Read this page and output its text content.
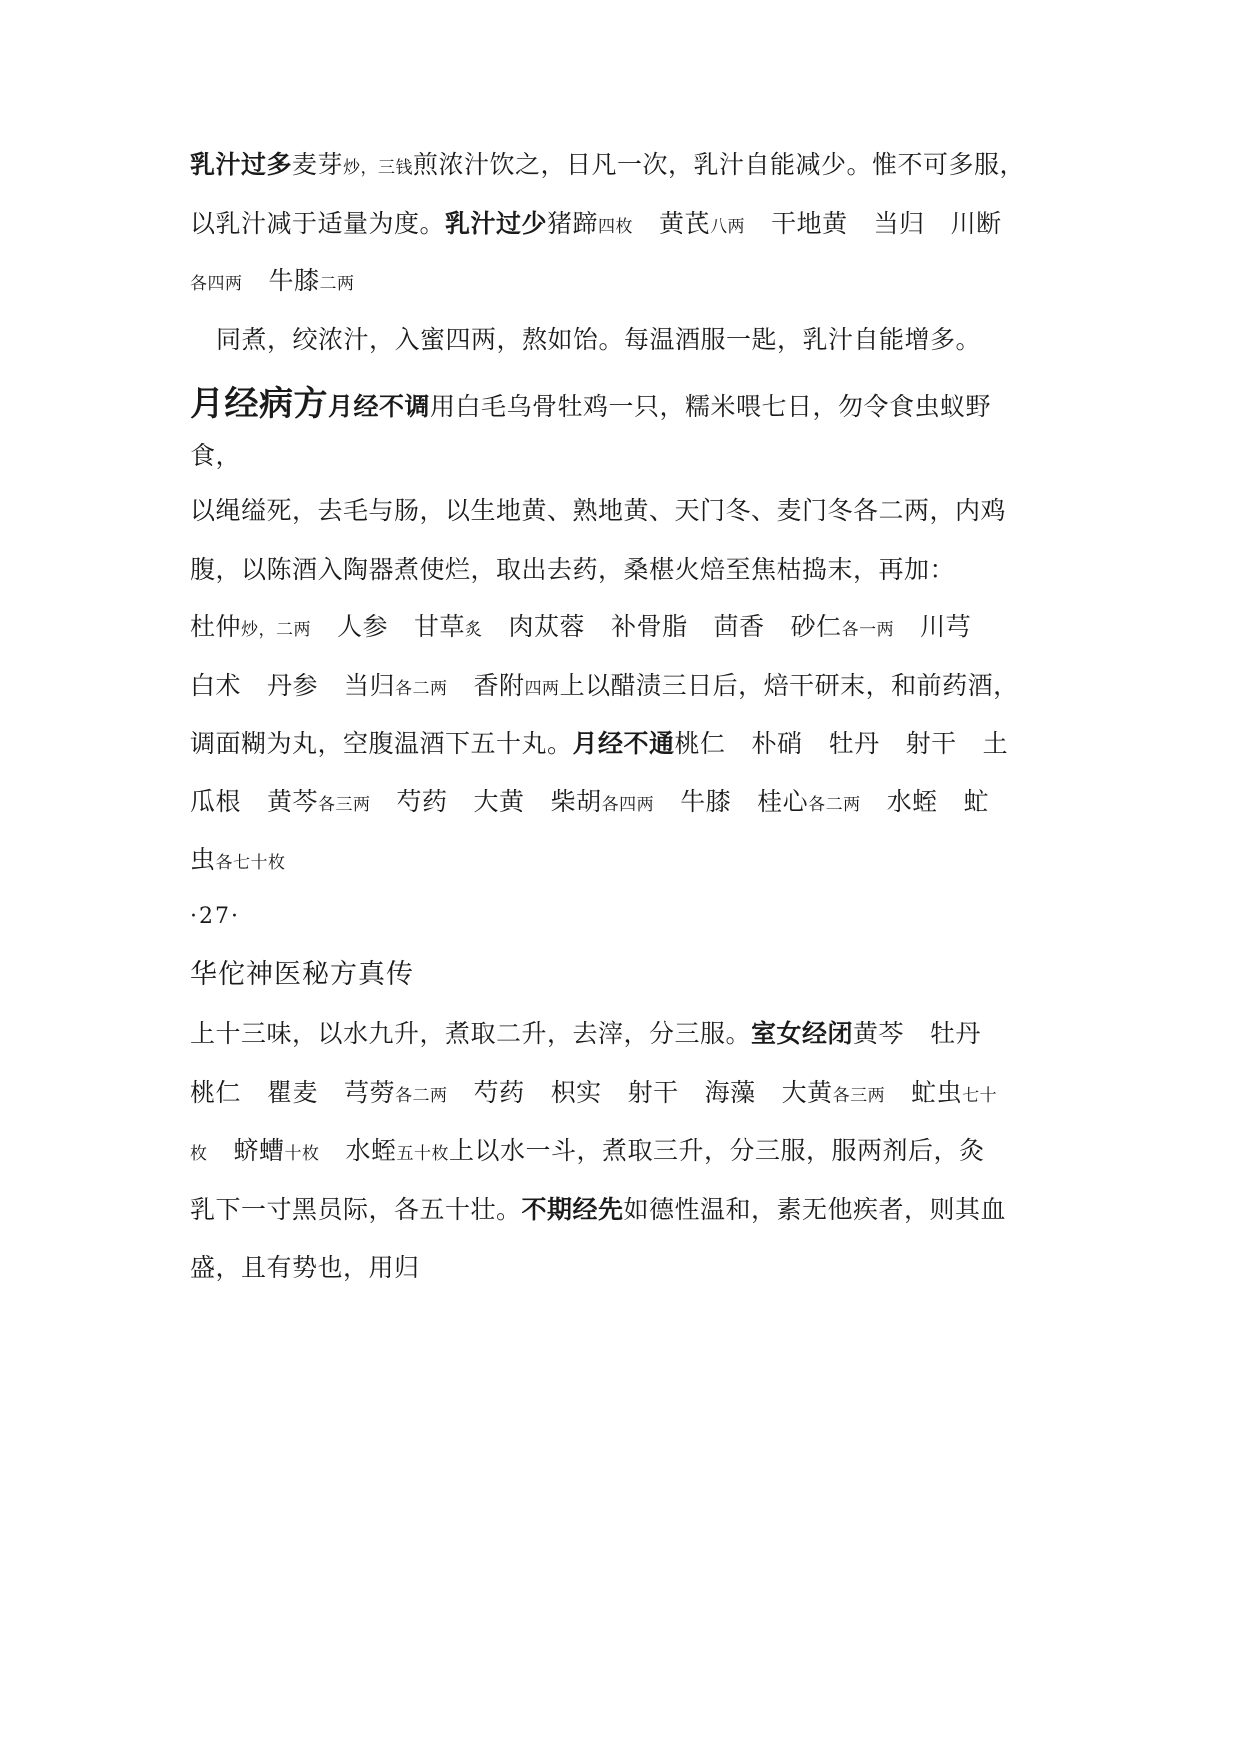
乳汁过多麦芽炒，三钱煎浓汁饮之，日凡一次，乳汁自能减少。惟不可多服，
以乳汁减于适量为度。乳汁过少猪蹄四枚 黄芪八两 干地黄 当归 川断
各四两 牛膝二两
同煮，绞浓汁，入蜜四两，熬如饴。每温酒服一匙，乳汁自能增多。
月经病方月经不调用白毛乌骨牡鸡一只，糯米喂七日，勿令食虫蚁野
食，
以绳缢死，去毛与肠，以生地黄、熟地黄、天门冬、麦门冬各二两，内鸡
腹，以陈酒入陶器煮使烂，取出去药，桑椹火焙至焦枯捣末，再加：
杜仲炒，二两 人参 甘草炙 肉苁蓉 补骨脂 茴香 砂仁各一两 川芎
白术 丹参 当归各二两 香附四两上以醋渍三日后，焙干研末，和前药酒，
调面糊为丸，空腹温酒下五十丸。月经不通桃仁 朴硝 牡丹 射干 土
瓜根 黄芩各三两 芍药 大黄 柴胡各四两 牛膝 桂心各二两 水蛭 虻
虫各七十枚
·27·
华佗神医秘方真传
上十三味，以水九升，煮取二升，去滓，分三服。室女经闭黄芩 牡丹
桃仁 瞿麦 芎䓖各二两 芍药 枳实 射干 海藻 大黄各三两 虻虫七十
枚 蛴螬十枚 水蛭五十枚上以水一斗，煮取三升，分三服，服两剂后，灸
乳下一寸黑员际，各五十壮。不期经先如德性温和，素无他疾者，则其血
盛，且有势也，用归
